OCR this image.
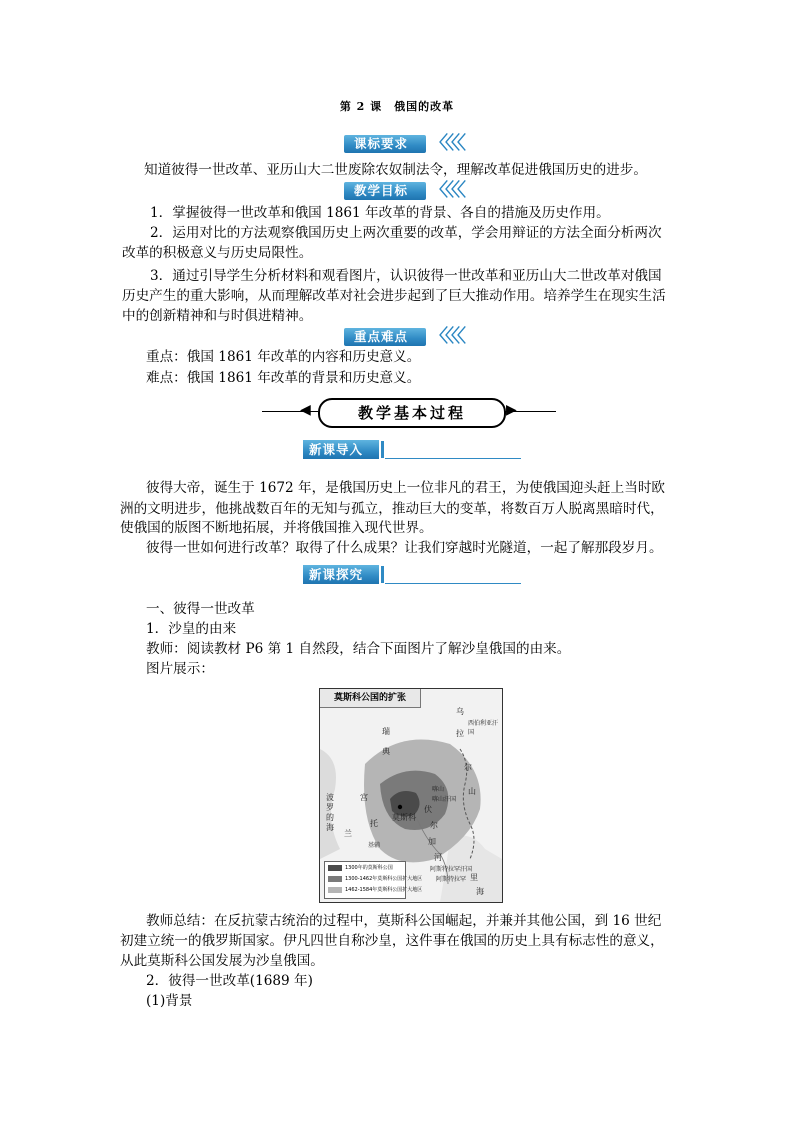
第 2 课　俄国的改革
课标要求 〈〈〈〈
知道彼得一世改革、亚历山大二世废除农奴制法令，理解改革促进俄国历史的进步。
教学目标 〈〈〈〈
1．掌握彼得一世改革和俄国 1861 年改革的背景、各自的措施及历史作用。
2．运用对比的方法观察俄国历史上两次重要的改革，学会用辩证的方法全面分析两次
改革的积极意义与历史局限性。
3．通过引导学生分析材料和观看图片，认识彼得一世改革和亚历山大二世改革对俄国
历史产生的重大影响，从而理解改革对社会进步起到了巨大推动作用。培养学生在现实生活
中的创新精神和与时俱进精神。
重点难点 〈〈〈〈
重点：俄国 1861 年改革的内容和历史意义。
难点：俄国 1861 年改革的背景和历史意义。
◀	教学基本过程	▶
新课导入
彼得大帝，诞生于 1672 年，是俄国历史上一位非凡的君王，为使俄国迎头赶上当时欧
洲的文明进步，他挑战数百年的无知与孤立，推动巨大的变革，将数百万人脱离黑暗时代，
使俄国的版图不断地拓展，并将俄国推入现代世界。
彼得一世如何进行改革？取得了什么成果？让我们穿越时光隧道，一起了解那段岁月。
新课探究
一、彼得一世改革
1．沙皇的由来
教师：阅读教材 P6 第 1 自然段，结合下面图片了解沙皇俄国的由来。
图片展示：
莫斯科公国的扩张
瑞
典
波
罗
的
海
兰
宫
托
莫斯科
乌
拉
尔
山
西伯利亚汗国
喀山
喀山汗国
伏
尔
加
河
基辅
阿斯特拉罕汗国
阿斯特拉罕 里
海
1300年的莫斯科公国
1300-1462年莫斯科公国扩大地区
1462-1584年莫斯科公国扩大地区
教师总结：在反抗蒙古统治的过程中，莫斯科公国崛起，并兼并其他公国，到 16 世纪
初建立统一的俄罗斯国家。伊凡四世自称沙皇，这件事在俄国的历史上具有标志性的意义，
从此莫斯科公国发展为沙皇俄国。
2．彼得一世改革(1689 年)
(1)背景
